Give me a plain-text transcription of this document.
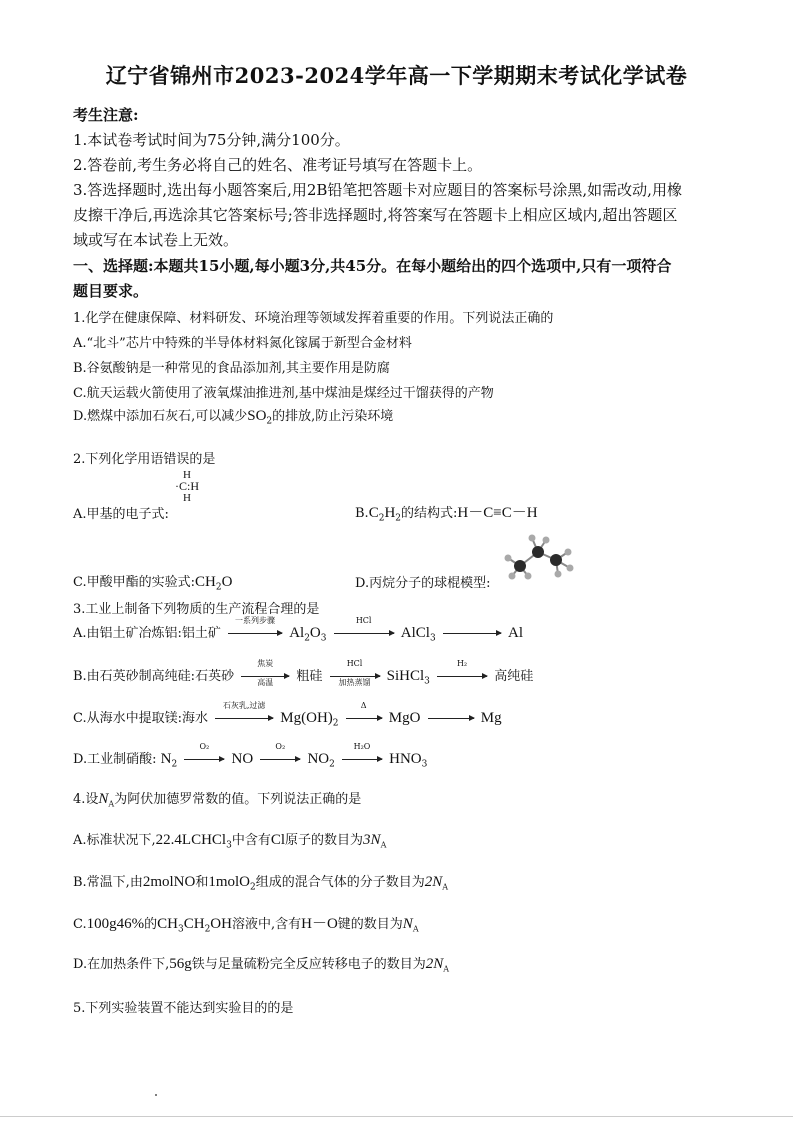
辽宁省锦州市2023-2024学年高一下学期期末考试化学试卷
考生注意:
1.本试卷考试时间为75分钟,满分100分。
2.答卷前,考生务必将自己的姓名、准考证号填写在答题卡上。
3.答选择题时,选出每小题答案后,用2B铅笔把答题卡对应题目的答案标号涂黑,如需改动,用橡
皮擦干净后,再选涂其它答案标号;答非选择题时,将答案写在答题卡上相应区域内,超出答题区
域或写在本试卷上无效。
一、选择题:本题共15小题,每小题3分,共45分。在每小题给出的四个选项中,只有一项符合
题目要求。
1.化学在健康保障、材料研发、环境治理等领域发挥着重要的作用。下列说法正确的
A.“北斗”芯片中特殊的半导体材料氮化镓属于新型合金材料
B.谷氨酸钠是一种常见的食品添加剂,其主要作用是防腐
C.航天运载火箭使用了液氧煤油推进剂,基中煤油是煤经过干馏获得的产物
D.燃煤中添加石灰石,可以减少$SO_2$的排放,防止污染环境
2.下列化学用语错误的是
A.甲基的电子式:
H
·C:H
H
$B.C_2H_2$的结构式:H－C≡C－H
C.甲酸甲酯的实验式$:CH_2O$	D.丙烷分子的球棍模型:
3.工业上制备下列物质的生产流程合理的是
A.由铝土矿冶炼铝:铝土矿
一系列步骤
$Al_2O_3$
HCl
AlCl$_3$	Al
B.由石英砂制高纯硅:石英砂
焦炭
高温	粗硅
HCl
加热蒸馏	SiHCl$_3$
H₂
高纯硅
C.从海水中提取镁:海水
石灰乳,过滤
$Mg(OH)_2$
Δ
MgO	Mg
D.工业制硝酸: $N_2$
O₂
NO
O₂
$NO_2$
H₂O
$HNO_3$
4.设$N_A$为阿伏加德罗常数的值。下列说法正确的是
A.标准状况下,22.4LCHCl$_3$中含有Cl原子的数目为$3N_A$
B.常温下,由2molNO和1molO$_2$组成的混合气体的分子数目为$2N_A$
C.100g46%的$CH_3CH_2OH$溶液中,含有H－O键的数目为$N_A$
D.在加热条件下,56g铁与足量硫粉完全反应转移电子的数目为$2N_A$
5.下列实验装置不能达到实验目的的是
